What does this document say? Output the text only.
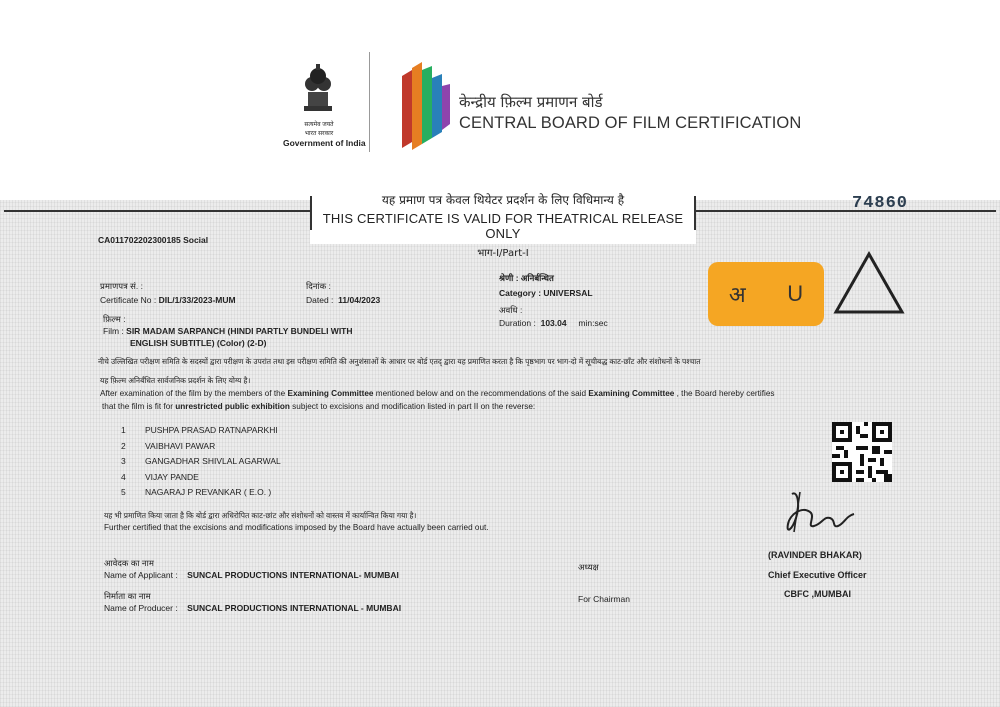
सत्यमेव जयते
भारत सरकार
Government of India
केन्द्रीय फ़िल्म प्रमाणन बोर्ड
CENTRAL BOARD OF FILM CERTIFICATION
यह प्रमाण पत्र केवल थियेटर प्रदर्शन के लिए विधिमान्य है
THIS CERTIFICATE IS VALID FOR THEATRICAL RELEASE ONLY
भाग-I/Part-I
74860
CA011702202300185 Social
प्रमाणपत्र सं. :
Certificate No : DIL/1/33/2023-MUM
दिनांक :
Dated : 11/04/2023
श्रेणी : अनिर्बन्धित
Category : UNIVERSAL
अवधि :
Duration : 103.04 min:sec
अ U
फ़िल्म :
Film : SIR MADAM SARPANCH (HINDI PARTLY BUNDELI WITH
ENGLISH SUBTITLE) (Color) (2-D)
नीचे उल्लिखित परीक्षण समिति के सदस्यों द्वारा परीक्षण के उपरांत तथा इस परीक्षण समिति की अनुशंसाओं के आधार पर बोर्ड एतद् द्वारा यह प्रमाणित करता है कि पृष्ठभाग पर भाग-दो में सूचीबद्ध काट-छाँट और संशोधनों के पश्चात
यह फ़िल्म अनिर्बंधित सार्वजनिक प्रदर्शन के लिए योग्य है।
After examination of the film by the members of the Examining Committee mentioned below and on the recommendations of the said Examining Committee , the Board hereby certifies
that the film is fit for unrestricted public exhibition subject to excisions and modification listed in part II on the reverse:
1 PUSHPA PRASAD RATNAPARKHI
2 VAIBHAVI PAWAR
3 GANGADHAR SHIVLAL AGARWAL
4 VIJAY PANDE
5 NAGARAJ P REVANKAR ( E.O. )
यह भी प्रमाणित किया जाता है कि बोर्ड द्वारा अधिरोपित काट-छांट और संशोधनों को वास्तव में कार्यान्वित किया गया है।
Further certified that the excisions and modifications imposed by the Board have actually been carried out.
आवेदक का नाम
Name of Applicant : SUNCAL PRODUCTIONS INTERNATIONAL- MUMBAI
निर्माता का नाम
Name of Producer : SUNCAL PRODUCTIONS INTERNATIONAL - MUMBAI
अध्यक्ष
For Chairman
(RAVINDER BHAKAR)
Chief Executive Officer
CBFC ,MUMBAI
